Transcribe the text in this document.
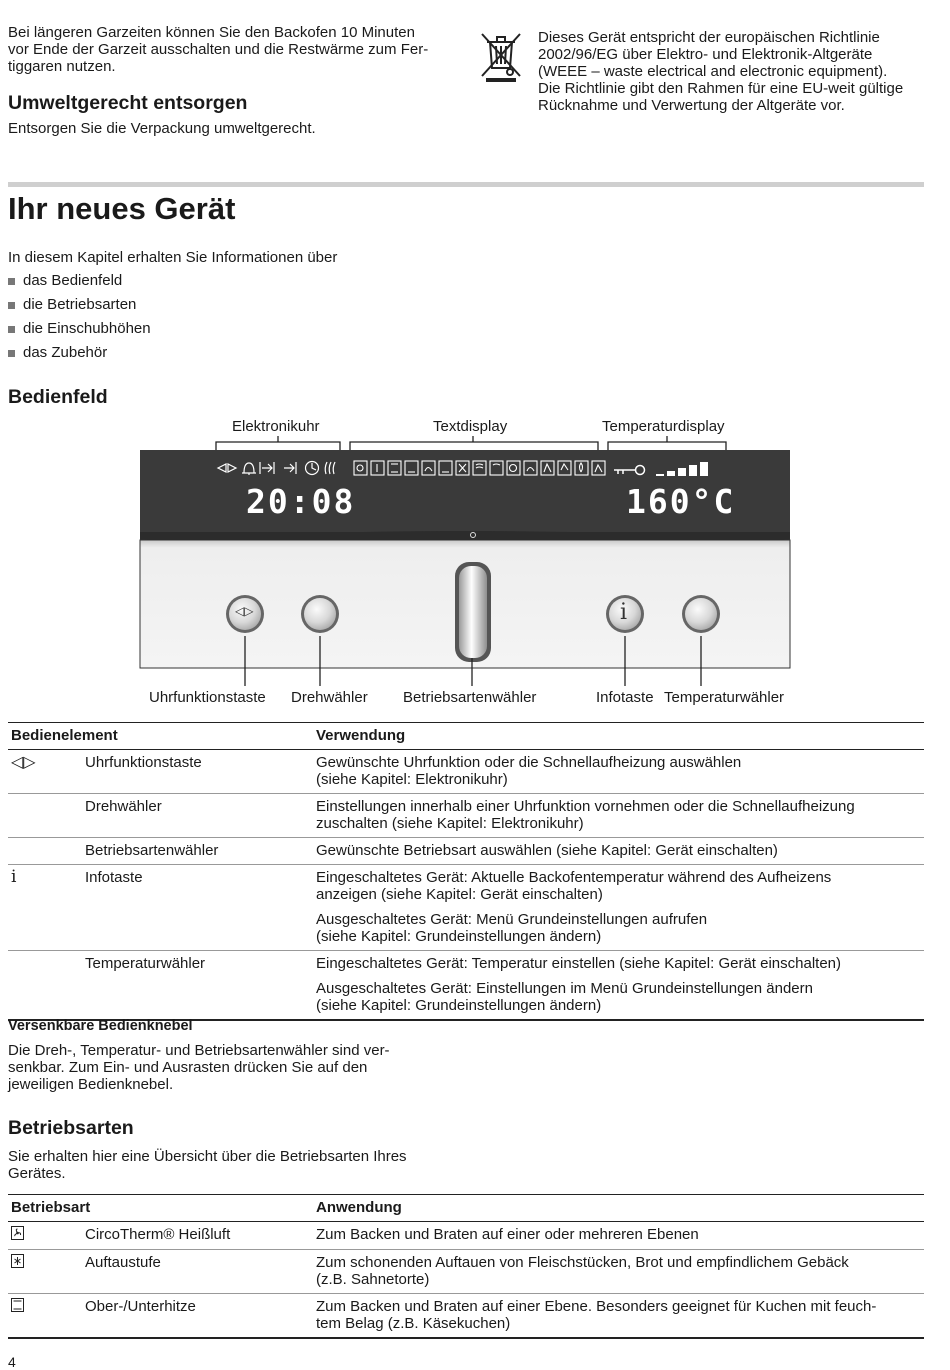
Bei längeren Garzeiten können Sie den Backofen 10 Minuten

vor Ende der Garzeit ausschalten und die Restwärme zum Fer-

tiggaren nutzen.

Umweltgerecht entsorgen

Entsorgen Sie die Verpackung umweltgerecht.

Dieses Gerät entspricht der europäischen Richtlinie

2002/96/EG über Elektro- und Elektronik-Altgeräte

(WEEE – waste electrical and electronic equipment).

Die Richtlinie gibt den Rahmen für eine EU-weit gültige

Rücknahme und Verwertung der Altgeräte vor.

Ihr neues Gerät

In diesem Kapitel erhalten Sie Informationen über

das Bedienfeld
die Betriebsarten
die Einschubhöhen
das Zubehör
Bedienfeld
Elektronikuhr	Textdisplay	Temperaturdisplay
20:08	160°C
◁▷	i
Uhrfunktionstaste Drehwähler Betriebsartenwähler	Infotaste Temperaturwähler
Bedienelement		Verwendung
◁▷	Uhrfunktionstaste	Gewünschte Uhrfunktion oder die Schnellaufheizung auswählen
(siehe Kapitel: Elektronikuhr)

	Drehwähler	Einstellungen innerhalb einer Uhrfunktion vornehmen oder die Schnellaufheizung
zuschalten (siehe Kapitel: Elektronikuhr)

	Betriebsartenwähler	Gewünschte Betriebsart auswählen (siehe Kapitel: Gerät einschalten)

i	Infotaste	Eingeschaltetes Gerät: Aktuelle Backofentemperatur während des Aufheizens
anzeigen (siehe Kapitel: Gerät einschalten)

Ausgeschaltetes Gerät: Menü Grundeinstellungen aufrufen
(siehe Kapitel: Grundeinstellungen ändern)

	Temperaturwähler	Eingeschaltetes Gerät: Temperatur einstellen (siehe Kapitel: Gerät einschalten)

Ausgeschaltetes Gerät: Einstellungen im Menü Grundeinstellungen ändern
(siehe Kapitel: Grundeinstellungen ändern)

Versenkbare Bedienknebel

Die Dreh-, Temperatur- und Betriebsartenwähler sind ver-

senkbar. Zum Ein- und Ausrasten drücken Sie auf den

jeweiligen Bedienknebel.

Betriebsarten

Sie erhalten hier eine Übersicht über die Betriebsarten Ihres

Gerätes.

Betriebsart		Anwendung
	CircoTherm® Heißluft	Zum Backen und Braten auf einer oder mehreren Ebenen
	Auftaustufe	Zum schonenden Auftauen von Fleischstücken, Brot und empfindlichem Gebäck
(z.B. Sahnetorte)
	Ober-/Unterhitze	Zum Backen und Braten auf einer Ebene. Besonders geeignet für Kuchen mit feuch-
tem Belag (z.B. Käsekuchen)
4
